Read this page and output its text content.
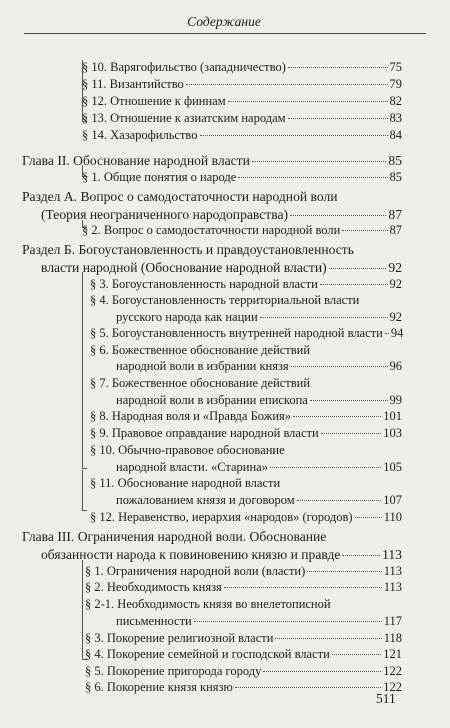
Содержание
§ 10. Варягофильство (западничество)	75
§ 11. Византийство	79
§ 12. Отношение к финнам	82
§ 13. Отношение к азиатским народам	83
§ 14. Хазарофильство	84
Глава II. Обоснование народной власти	85
§ 1. Общие понятия о народе	85
Раздел А. Вопрос о самодостаточности народной воли
(Теория неограниченного народоправства)	87
§ 2. Вопрос о самодостаточности народной воли	87
Раздел Б. Богоустановленность и правдоустановленность
власти народной (Обоснование народной власти)	92
§ 3. Богоустановленность народной власти	92
§ 4. Богоустановленность территориальной власти
русского народа как нации	92
§ 5. Богоустановленность внутренней народной власти 94
§ 6. Божественное обоснование действий
народной воли в избрании князя	96
§ 7. Божественное обоснование действий
народной воли в избрании епископа	99
§ 8. Народная воля и «Правда Божия»	101
§ 9. Правовое оправдание народной власти	103
§ 10. Обычно-правовое обоснование
народной власти. «Старина»	105
§ 11. Обоснование народной власти
пожалованием князя и договором	107
§ 12. Неравенство, иерархия «народов» (городов) 110
Глава III. Ограничения народной воли. Обоснование
обязанности народа к повиновению князю и правде	113
§ 1. Ограничения народной воли (власти)	113
§ 2. Необходимость князя	113
§ 2-1. Необходимость князя во внелетописной
письменности	117
§ 3. Покорение религиозной власти	118
§ 4. Покорение семейной и господской власти	121
§ 5. Покорение пригорода городу	122
§ 6. Покорение князя князю	122
511
